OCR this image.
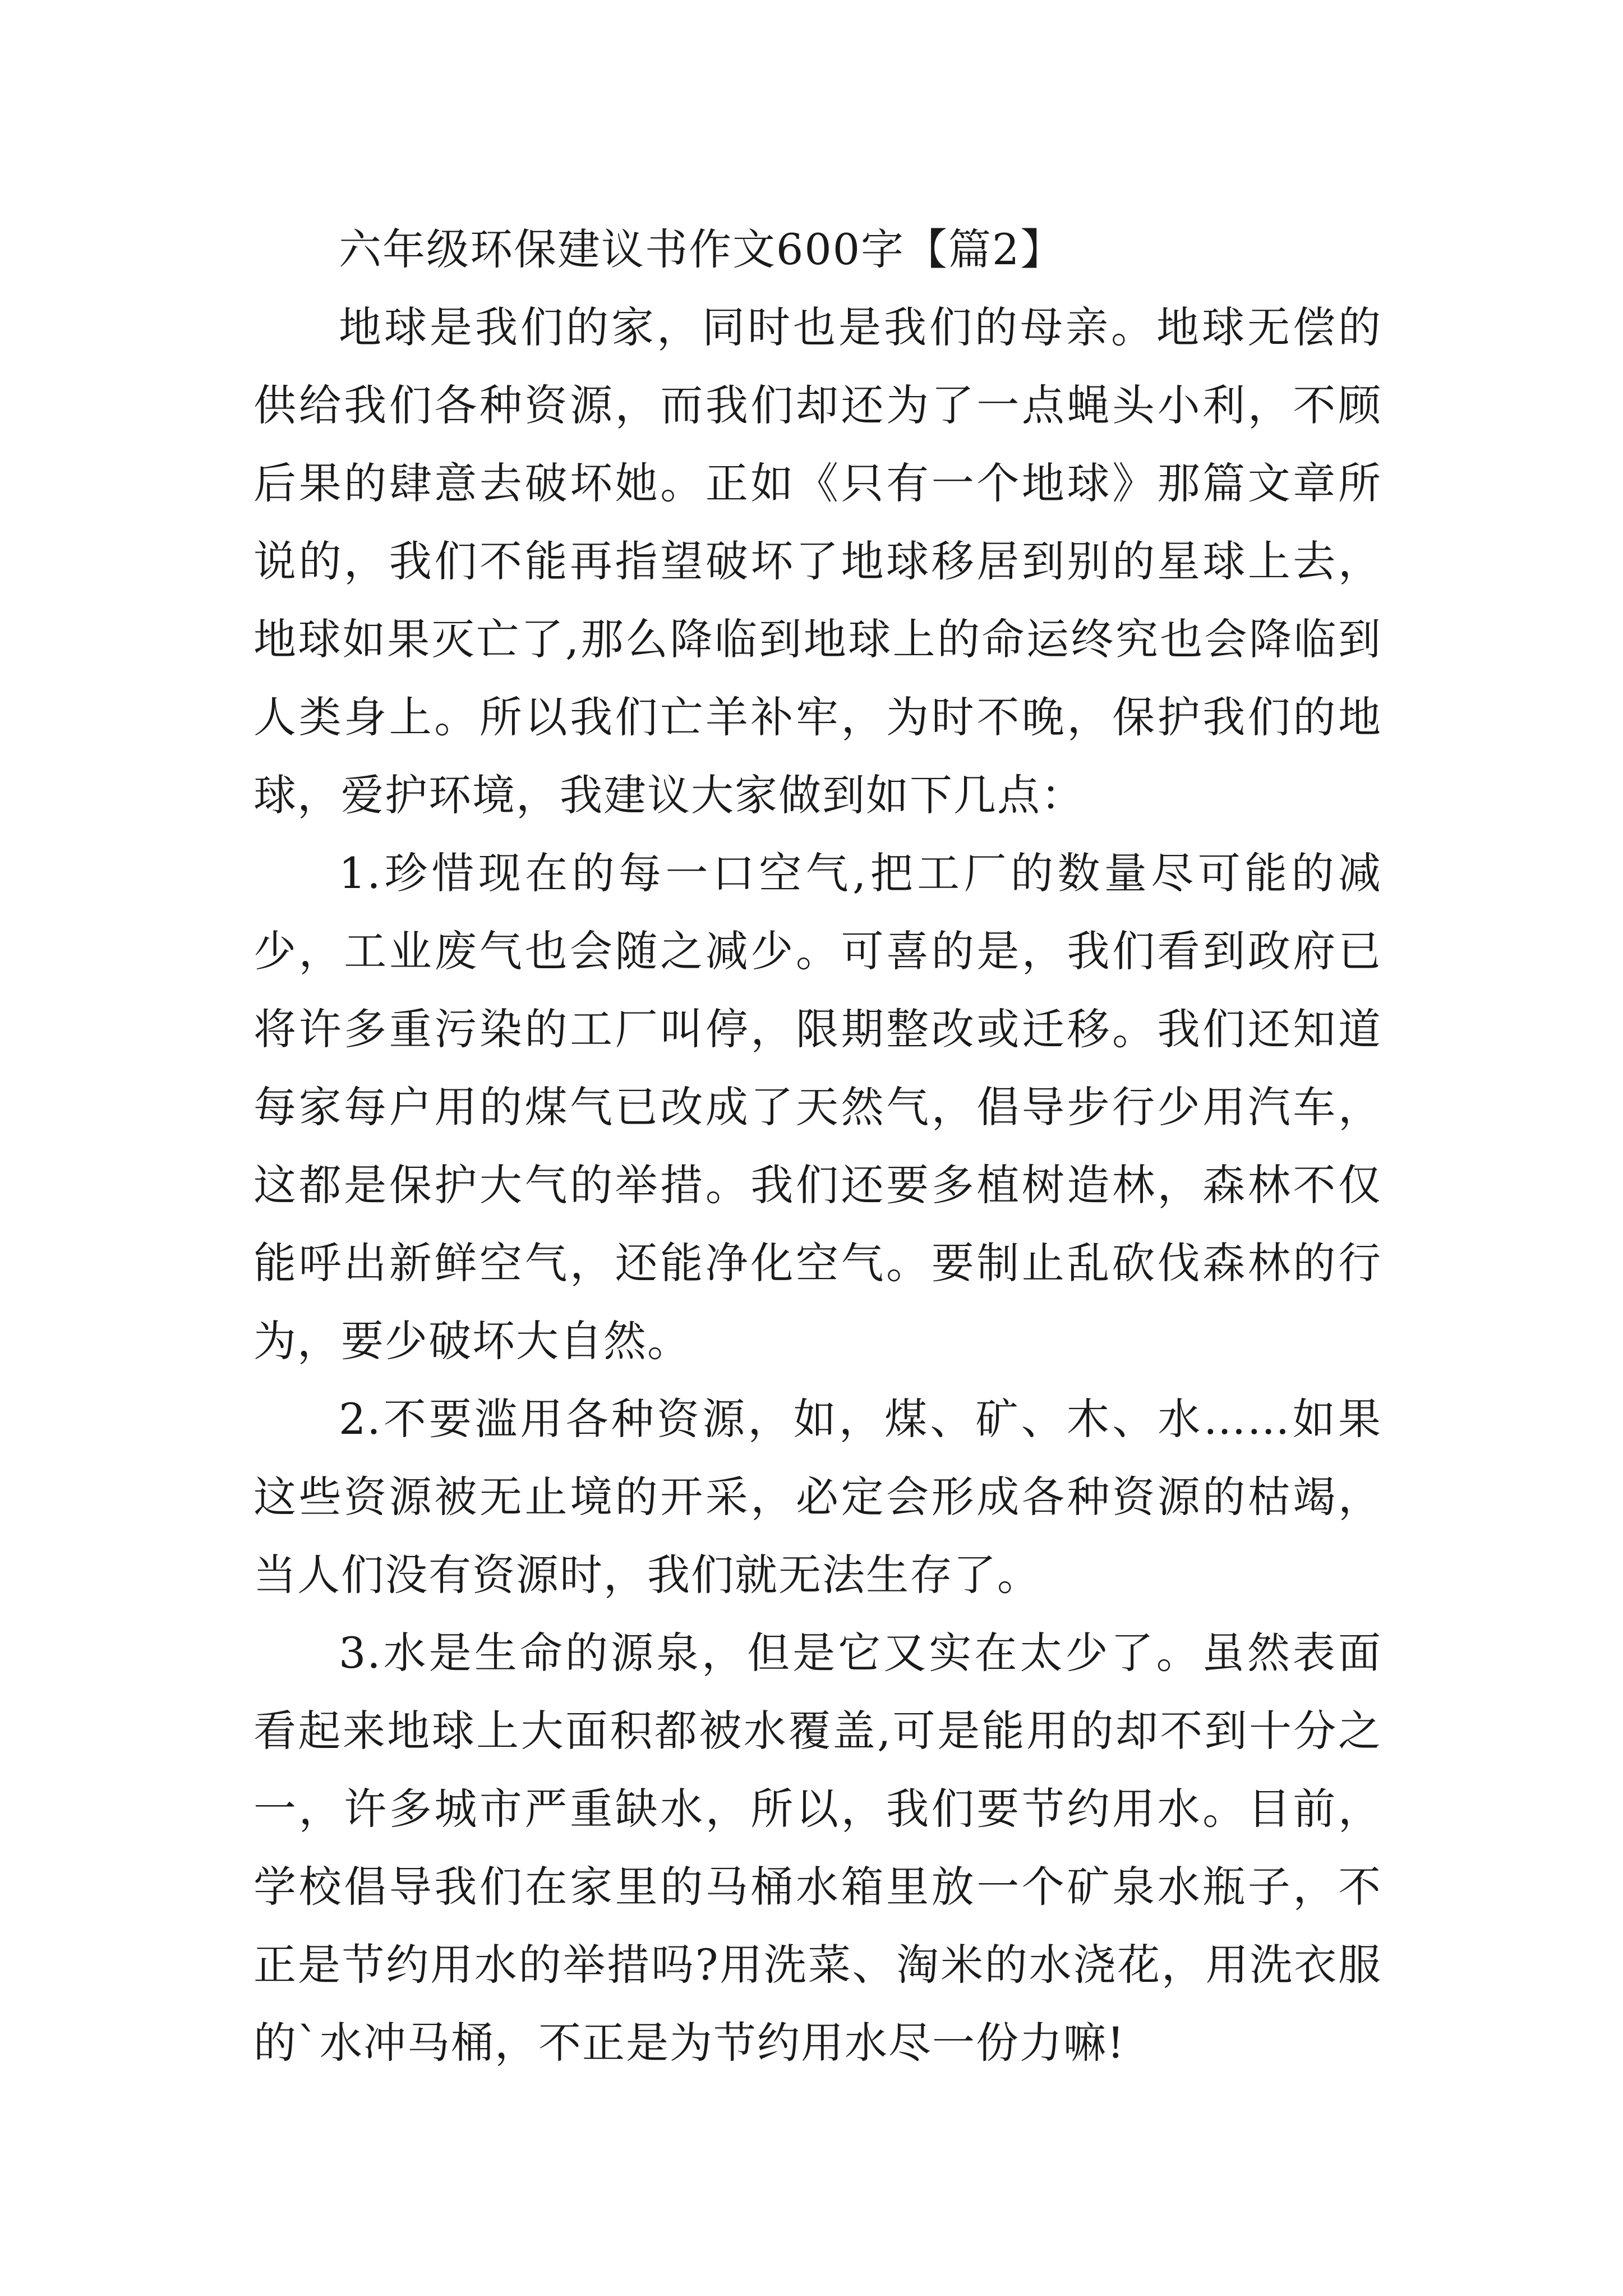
六年级环保建议书作文600字【篇2】

地球是我们的家，同时也是我们的母亲。地球无偿的供给我们各种资源，而我们却还为了一点蝇头小利，不顾后果的肆意去破坏她。正如《只有一个地球》那篇文章所说的，我们不能再指望破坏了地球移居到别的星球上去，地球如果灭亡了,那么降临到地球上的命运终究也会降临到人类身上。所以我们亡羊补牢，为时不晚，保护我们的地球，爱护环境，我建议大家做到如下几点：

1.珍惜现在的每一口空气,把工厂的数量尽可能的减少，工业废气也会随之减少。可喜的是，我们看到政府已将许多重污染的工厂叫停，限期整改或迁移。我们还知道每家每户用的煤气已改成了天然气，倡导步行少用汽车，这都是保护大气的举措。我们还要多植树造林，森林不仅能呼出新鲜空气，还能净化空气。要制止乱砍伐森林的行为，要少破坏大自然。

2.不要滥用各种资源，如，煤、矿、木、水……如果这些资源被无止境的开采，必定会形成各种资源的枯竭，当人们没有资源时，我们就无法生存了。

3.水是生命的源泉，但是它又实在太少了。虽然表面看起来地球上大面积都被水覆盖,可是能用的却不到十分之一，许多城市严重缺水，所以，我们要节约用水。目前，学校倡导我们在家里的马桶水箱里放一个矿泉水瓶子，不正是节约用水的举措吗?用洗菜、淘米的水浇花，用洗衣服的`水冲马桶，不正是为节约用水尽一份力嘛!
